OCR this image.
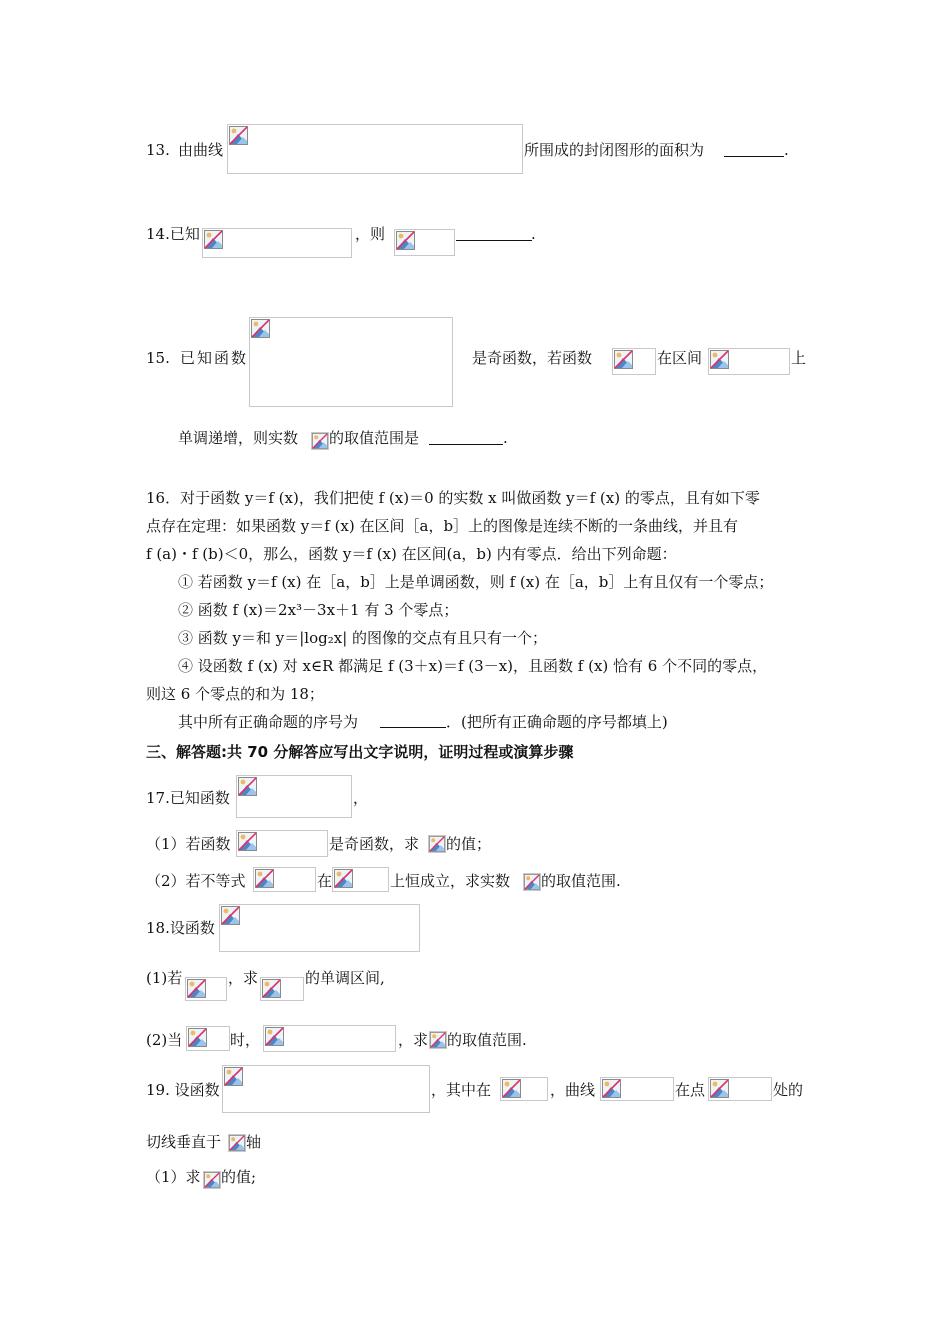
13. 由曲线	所围成的封闭图形的面积为	.
14.已知	，则	.
15. 已知函数	是奇函数，若函数	在区间	上
单调递增，则实数 的取值范围是	.
16．对于函数 y＝f (x)，我们把使 f (x)＝0 的实数 x 叫做函数 y＝f (x) 的零点，且有如下零
点存在定理：如果函数 y＝f (x) 在区间［a，b］上的图像是连续不断的一条曲线，并且有
f (a)・f (b)＜0，那么，函数 y＝f (x) 在区间(a，b) 内有零点．给出下列命题：
① 若函数 y＝f (x) 在［a，b］上是单调函数，则 f (x) 在［a，b］上有且仅有一个零点；
② 函数 f (x)＝2x³－3x＋1 有 3 个零点；
③ 函数 y＝和 y＝|log₂x| 的图像的交点有且只有一个；
④ 设函数 f (x) 对 x∈R 都满足 f (3＋x)＝f (3－x)，且函数 f (x) 恰有 6 个不同的零点，
则这 6 个零点的和为 18；
其中所有正确命题的序号为	．(把所有正确命题的序号都填上)
三、解答题:共 70 分解答应写出文字说明，证明过程或演算步骤
17.已知函数	，
（1）若函数	是奇函数，求 的值；
（2）若不等式	在	上恒成立，求实数 的取值范围.
18.设函数
(1)若	，求	的单调区间,
(2)当	时，	，求 的取值范围.
19. 设函数	，其中在	，曲线	在点	处的
切线垂直于 轴
（1）求 的值;
